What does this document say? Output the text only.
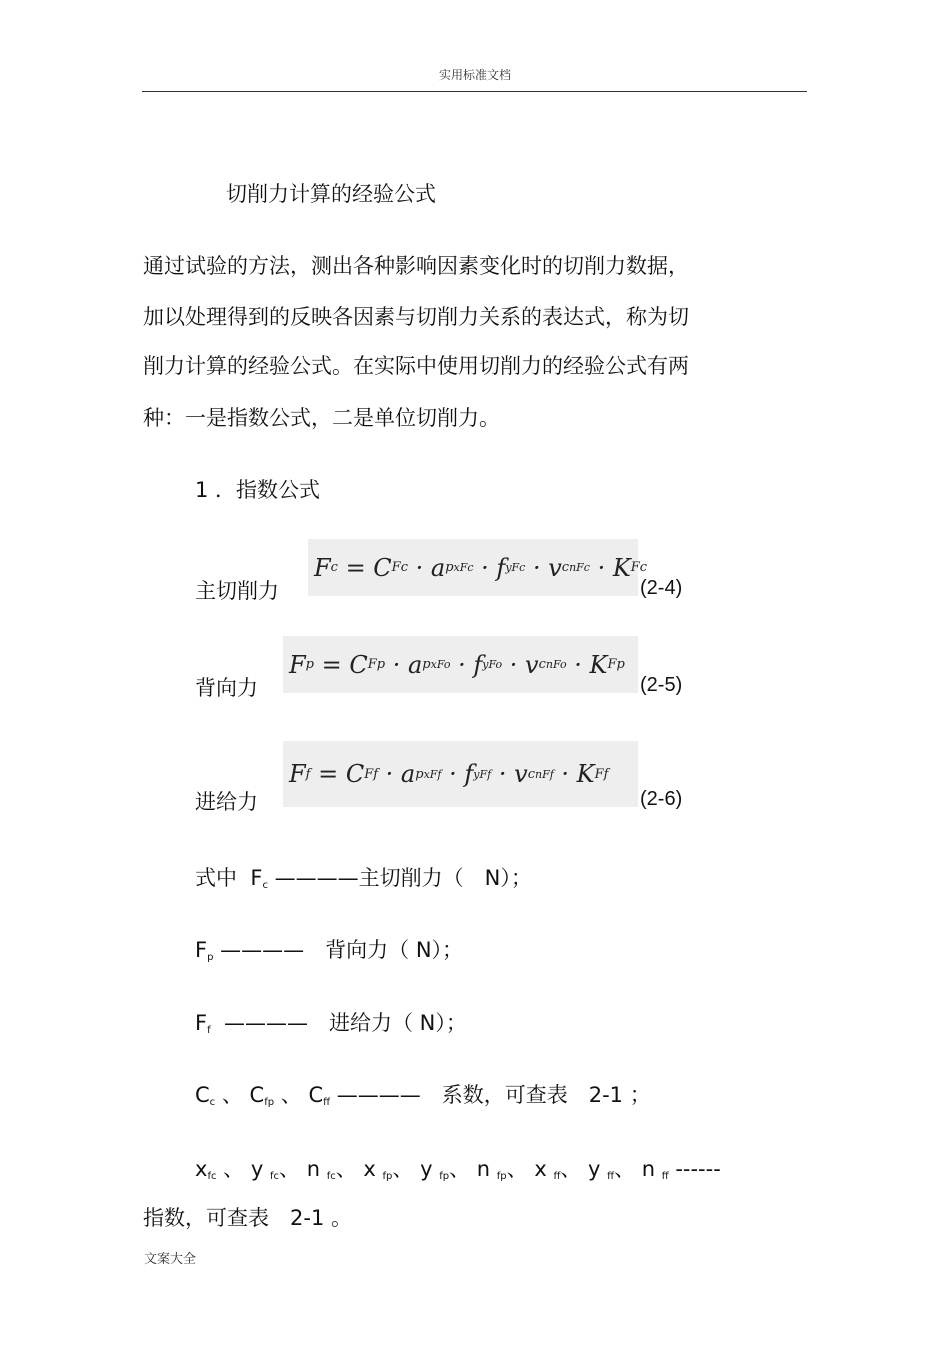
实用标准文档
切削力计算的经验公式
通过试验的方法，测出各种影响因素变化时的切削力数据，
加以处理得到的反映各因素与切削力关系的表达式，称为切
削力计算的经验公式。在实际中使用切削力的经验公式有两
种：一是指数公式，二是单位切削力。
1 ．指数公式
主切削力
F c = C Fc · a p xFc · f yFc · v c nFc · K Fc
(2-4)
背向力
F p = C Fp · a p xFo · f yFo · v c nFo · K Fp
(2-5)
进给力
F f = C Ff · a p xFf · f yFf · v c nFf · K Ff
(2-6)
式中 Fc ————主切削力（　N）；
Fp ————　背向力（ N）；
Ff ————　进给力（ N）；
Cc 、 Cfp 、 Cff ————　系数，可查表　2-1 ；
xfc 、 y fc、 n fc、 x fp、 y fp、 n fp、 x ff、 y ff、 n ff ------
指数，可查表　2-1 。
文案大全
